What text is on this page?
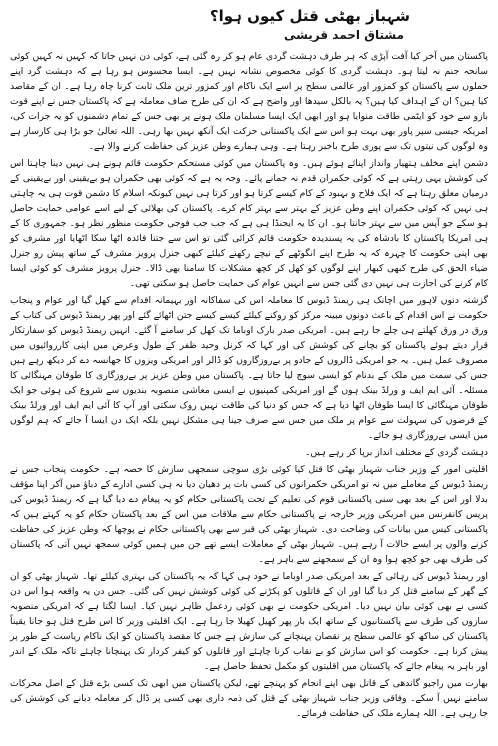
شہباز بھٹی قتل کیوں ہوا؟
مشتاق احمد قریشی

پاکستان میں آخر کیا آفت آپڑی کہ ہر طرف دہشت گردی عام ہو کر رہ گئی ہے، کوئی دن نہیں جاتا کہ کہیں نہ کہیں کوئی سانحہ جنم نہ لیتا ہو۔ دہشت گردی کا کوئی مخصوص نشانہ نہیں ہے۔ ایسا محسوس ہو رہا ہے کہ دہشت گرد اپنے حملوں سے پاکستان کو کمزور اور عالمی سطح پر اسے ایک ناکام اور کمزور ترین ملک ثابت کرنا چاہ رہا ہے۔ ان کے مقاصد کیا ہیں؟ ان کے اہداف کیا ہیں؟ یہ بالکل سیدھا اور واضح ہے کہ ان کی طرح صاف معاملہ ہے کہ پاکستان جس نے اپنے قوت بازو سے خود کو ایٹمی طاقت منوایا ہو اور ابھی ایک ایسا مسلمان ملک ہونے پر بھی جس کے تمام دشمنوں کو یہ جرات کی، امریکہ جیسی سپر پاور بھی بہت ہو اس سے ایک پاکستانی حرکت ایک آنکھ نہیں بھا رہی۔ اللہ تعالیٰ جو بڑا ہی کارساز ہے وہ لوگوں کی نیتوں تک سے پوری طرح باخبر رہتا ہے۔ وہی ہمارے وطن عزیز کی حفاظت کرنے والا ہے۔

دشمن اپنے مخلف ہتھیار وانداز اپنائے ہوئے ہیں۔ وہ پاکستان میں کوئی مستحکم حکومت قائم ہونے ہی نہیں دینا چاہتا اس کی کوشش یہی رہتی ہے کہ کوئی حکمران قدم نہ جمانے پائے۔ وجہ یہ ہے کہ کوئی بھی حکمران ہو بےیقینی اور بےیقینی کے درمیان معلق رہتا ہے کہ ایک فلاح و بہبود کے کام کیسے کرتا ہو اور کرتا ہی نہیں کیونکہ اسلام کا دشمن قوت ہی یہ چاہتی ہی نہیں کہ کوئی حکمران اپنے وطن عزیز کے بہتر سے بہتر کام کرے۔ پاکستان کی بھلائی کے لیے اسے عوامی حمایت حاصل ہو سکے جو آپس میں سے بہتر جانتا ہو۔ ان کا یہ ایجنڈا ہی ہے کہ جب جب فوجی حکومت منظور نظر ہو۔ جمہوری کا کے ہی امریکا پاکستان کا بادشاہ کی یہ پسندیدہ حکومت قائم کرائی گئی تو اس سے جتنا فائدہ اٹھا سکا اٹھایا اور مشرف کو بھی اپنی حکومت کا چہرہ کہ یہ طرح اپنے انگوٹھے کے نیچے رکھنے کیلئے کبھی جنرل پرویز مشرف کے ساتھ پیش رو جنرل ضیاء الحق کی طرح کبھی کبھار اپنے لوگوں کو کھل کر کچھ مشکلات کا سامنا بھی ڈالا۔ جنرل پرویز مشرف کو کوئی ایسا کام کرنے کی اجازت ہی نہیں دی گئی جس سے انہیں عوام کی حمایت حاصل ہو سکتی تھی۔

گزشتہ دنوں لاہور میں اچانک ہی ریمنڈ ڈیوس کا معاملہ اس کی سفاکانہ اور بہیمانہ اقدام سے کھل گیا اور عوام و پنجاب حکومت نے اس اقدام کے باعث دونوں مبینہ مرکز کو روکنے کیلئے کیسے کیسے جتن اٹھائے گئے اور پھر ریمنڈ ڈیوس کی کتاب کے ورق در ورق کھلتے ہی چلے جا رہے ہیں۔ امریکی صدر بارک اوباما تک کھل کر سامنے آ گئے۔ انہیں ریمنڈ ڈیوس کو سفارتکار قرار دیتے ہوئے پاکستان کو بچانے کی کوشش کی اور کہا کہ کرنل وحید ظفر کے طول وعرض میں اپنی کارروائیوں میں مصروف عمل ہیں۔ یہ جو امریکی ڈالروں کے جادو پر بےروزگاروں کو ڈالر اور امریکی ویزوں کا جھانسہ دے کر دیکھ رہے ہیں جس کی سمت میں ملک کے بدنام کو ایسی سوچ لیا جاتا ہے۔ پاکستان میں وطن عزیز پر بےروزگاری کا طوفان مہنگائی کا مسئلہ۔ آئی ایم ایف و ورلڈ بینک ہوں گے اور امریکی کمپنیوں نے ایسی معاشی منصوبہ بندیوں سے شروع کی ہوئی جو ایک طوفان مہنگائی کا ایسا طوفان اٹھا دیا ہے کہ جس کو دنیا کی طاقت نہیں روک سکتی اور آپ کا آئی ایم ایف اور ورلڈ بینک کے قرضوں کی سہولت سے عوام پر ملک میں جس سے صرف جینا ہی مشکل نہیں بلکہ ایک دن ایسا آ جائے کہ ہم لوگوں میں ایسی بےروزگاری ہو جائے۔

دہشت گردی کے مختلف انداز برپا کر رہے ہیں۔

اقلیتی امور کے وزیر جناب شہباز بھٹی کا قتل کیا کوئی بڑی سوچی سمجھی سازش کا حصہ ہے۔ حکومت پنجاب جس نے ریمنڈ ڈیوس کے معاملے میں نہ تو امریکی حکمرانوں کی کسی بات پر دھیان دیا نہ ہی کسی ادارے کے دباؤ میں آکر اپنا مؤقف بدلا اور اس کے بعد بھی سنی پاکستانی قوم کی تعلیم کے تحت پاکستانی حکام کو یہ پیغام دے دیا گیا ہے کہ ریمنڈ ڈیوس کی پریس کانفرنس میں امریکی وزیر خارجہ نے پاکستانی حکام سے ملاقات میں اس کے بعد پاکستان حکام کو یہ کہتے ہیں کہ پاکستانی کیس میں بیانات کی وضاحت دی۔ شہباز بھٹی کی قبر سے بھی پاکستانی حکام نے پوچھا کہ وطن عزیز کی حفاظت کرنے والوں پر ایسے حالات آ رہے ہیں۔ شہباز بھٹی کے معاملات ایسے تھے جن میں ہمیں کوئی سمجھ نہیں آتی کہ پاکستان کی طرف بھی جو کچھ ہوا وہ ان کے سمجھنے سے باہر ہے۔

اور ریمنڈ ڈیوس کی رہائی کے بعد امریکی صدر اوباما نے خود ہی کہا کہ یہ پاکستان کی بہتری کیلئے تھا۔ شہباز بھٹی کو ان کے گھر کے سامنے قتل کر دیا گیا اور ان کے قاتلوں کو پکڑنے کی کوئی کوشش نہیں کی گئی۔ جس دن یہ واقعہ ہوا اس دن کسی نے بھی کوئی بیان نہیں دیا۔ امریکی حکومت نے بھی کوئی ردعمل ظاہر نہیں کیا۔ ایسا لگتا ہے کہ امریکی منصوبہ سازوں کی طرف سے پاکستانیوں کے ساتھ ایک بار پھر کھیل کھیلا جا رہا ہے۔ ایک اقلیتی وزیر کا اس طرح قتل ہو جانا یقیناً پاکستان کی ساکھ کو عالمی سطح پر نقصان پہنچانے کی سازش ہے جس کا مقصد پاکستان کو ایک ناکام ریاست کے طور پر پیش کرنا ہے۔ حکومت کو اس سازش کو بے نقاب کرنا چاہئے اور قاتلوں کو کیفر کردار تک پہنچانا چاہئے تاکہ ملک کے اندر اور باہر یہ پیغام جائے کہ پاکستان میں اقلیتوں کو مکمل تحفظ حاصل ہے۔

بھارت میں راجیو گاندھی کے قاتل بھی اپنے انجام کو پہنچے تھے، لیکن پاکستان میں ابھی تک کسی بڑے قتل کے اصل محرکات سامنے نہیں آ سکے۔ وفاقی وزیر جناب شہباز بھٹی کے قتل کی ذمہ داری بھی کسی پر ڈال کر معاملہ دبانے کی کوشش کی جا رہی ہے۔ اللہ ہمارے ملک کی حفاظت فرمائے۔
